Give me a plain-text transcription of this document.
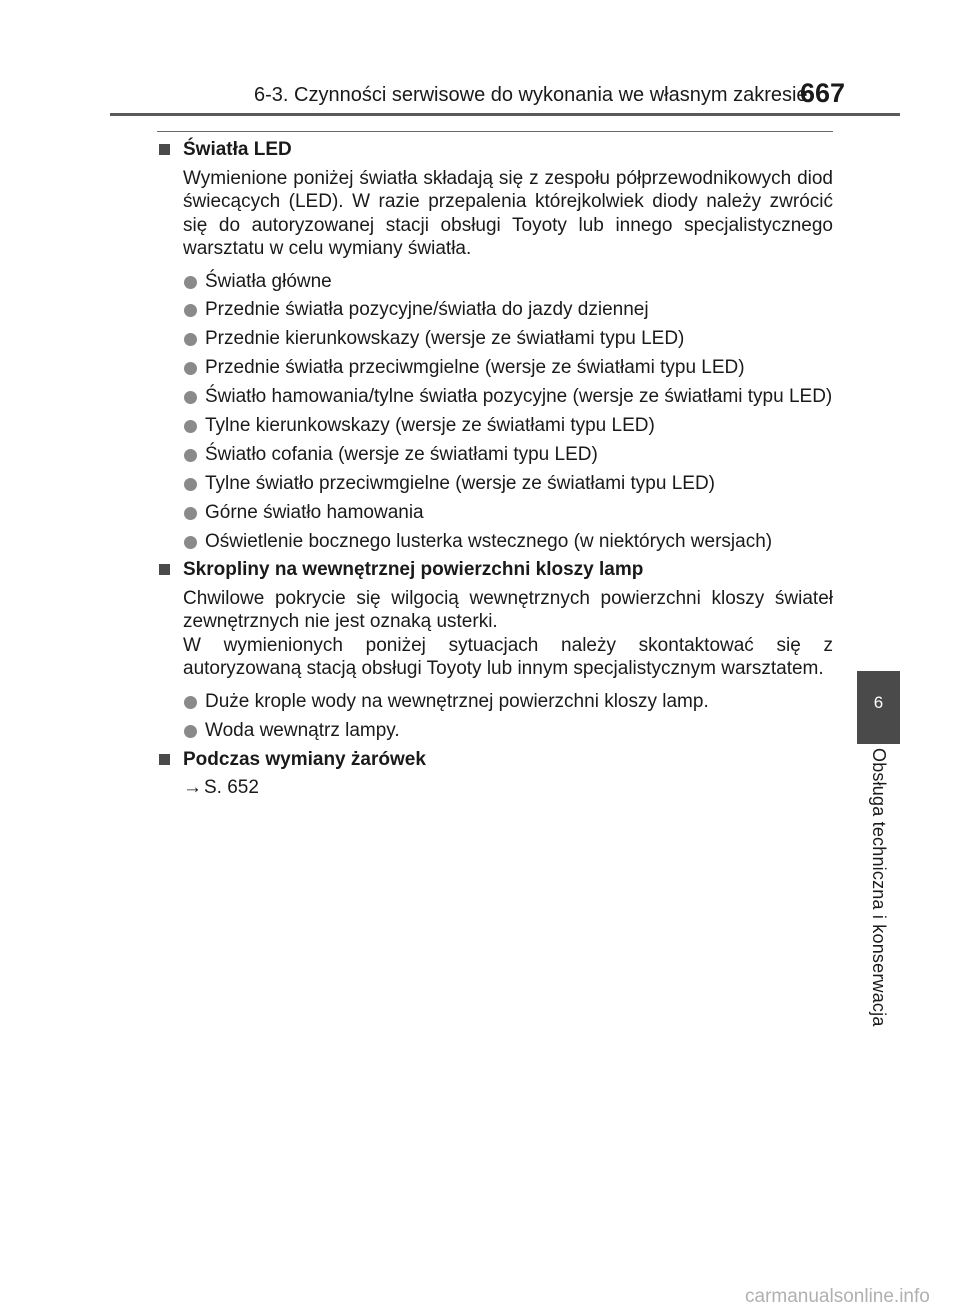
6-3. Czynności serwisowe do wykonania we własnym zakresie
667
Światła LED

Wymienione poniżej światła składają się z zespołu półprzewodnikowych diod świecących (LED). W razie przepalenia którejkolwiek diody należy zwrócić się do autoryzowanej stacji obsługi Toyoty lub innego specjalistycznego warsztatu w celu wymiany światła.

Światła główne
Przednie światła pozycyjne/światła do jazdy dziennej
Przednie kierunkowskazy (wersje ze światłami typu LED)
Przednie światła przeciwmgielne (wersje ze światłami typu LED)
Światło hamowania/tylne światła pozycyjne (wersje ze światłami typu LED)
Tylne kierunkowskazy (wersje ze światłami typu LED)
Światło cofania (wersje ze światłami typu LED)
Tylne światło przeciwmgielne (wersje ze światłami typu LED)
Górne światło hamowania
Oświetlenie bocznego lusterka wstecznego (w niektórych wersjach)
Skropliny na wewnętrznej powierzchni kloszy lamp

Chwilowe pokrycie się wilgocią wewnętrznych powierzchni kloszy świateł zewnętrznych nie jest oznaką usterki.

W wymienionych poniżej sytuacjach należy skontaktować się z autoryzowaną stacją obsługi Toyoty lub innym specjalistycznym warsztatem.

Duże krople wody na wewnętrznej powierzchni kloszy lamp.
Woda wewnątrz lampy.
Podczas wymiany żarówek
→ S. 652
6
Obsługa techniczna i konserwacja
carmanualsonline.info
